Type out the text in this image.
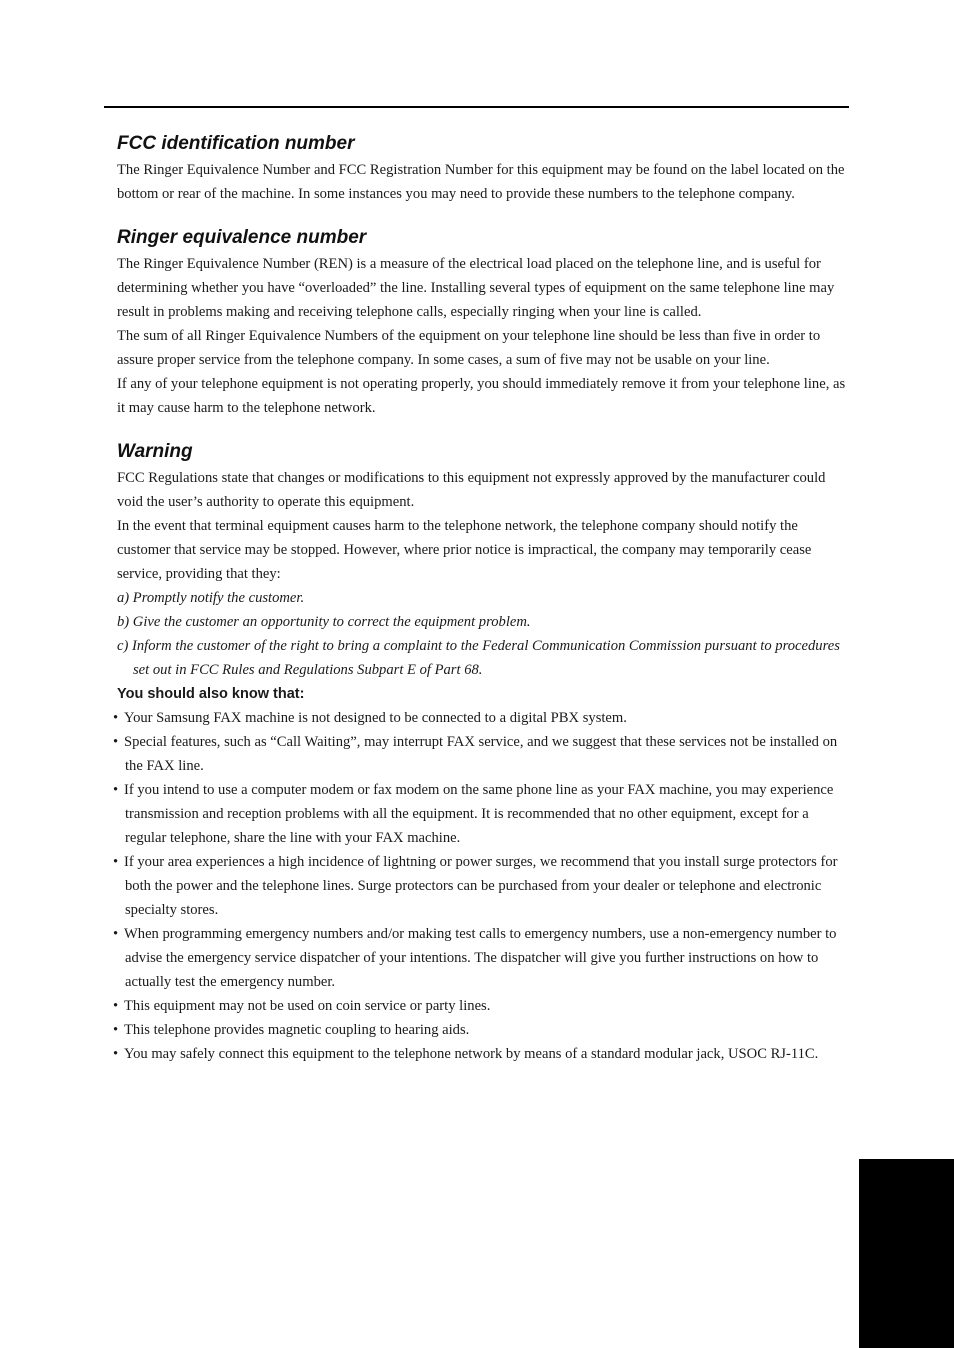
FCC identification number

The Ringer Equivalence Number and FCC Registration Number for this equipment may be found on the label located on the bottom or rear of the machine. In some instances you may need to provide these numbers to the telephone company.

Ringer equivalence number

The Ringer Equivalence Number (REN) is a measure of the electrical load placed on the telephone line, and is useful for determining whether you have “overloaded” the line. Installing several types of equipment on the same telephone line may result in problems making and receiving telephone calls, especially ringing when your line is called.

The sum of all Ringer Equivalence Numbers of the equipment on your telephone line should be less than five in order to assure proper service from the telephone company. In some cases, a sum of five may not be usable on your line.

If any of your telephone equipment is not operating properly, you should immediately remove it from your telephone line, as it may cause harm to the telephone network.

Warning

FCC Regulations state that changes or modifications to this equipment not expressly approved by the manufacturer could void the user’s authority to operate this equipment.

In the event that terminal equipment causes harm to the telephone network, the telephone company should notify the customer that service may be stopped. However, where prior notice is impractical, the company may temporarily cease service, providing that they:

a) Promptly notify the customer.

b) Give the customer an opportunity to correct the equipment problem.

c) Inform the customer of the right to bring a complaint to the Federal Communication Commission pursuant to procedures set out in FCC Rules and Regulations Subpart E of Part 68.

You should also know that:
• Your Samsung FAX machine is not designed to be connected to a digital PBX system.
• Special features, such as “Call Waiting”, may interrupt FAX service, and we suggest that these services not be installed on the FAX line.
• If you intend to use a computer modem or fax modem on the same phone line as your FAX machine, you may experience transmission and reception problems with all the equipment. It is recommended that no other equipment, except for a regular telephone, share the line with your FAX machine.
• If your area experiences a high incidence of lightning or power surges, we recommend that you install surge protectors for both the power and the telephone lines. Surge protectors can be purchased from your dealer or telephone and electronic specialty stores.
• When programming emergency numbers and/or making test calls to emergency numbers, use a non-emergency number to advise the emergency service dispatcher of your intentions. The dispatcher will give you further instructions on how to actually test the emergency number.
• This equipment may not be used on coin service or party lines.
• This telephone provides magnetic coupling to hearing aids.
• You may safely connect this equipment to the telephone network by means of a standard modular jack, USOC RJ-11C.
